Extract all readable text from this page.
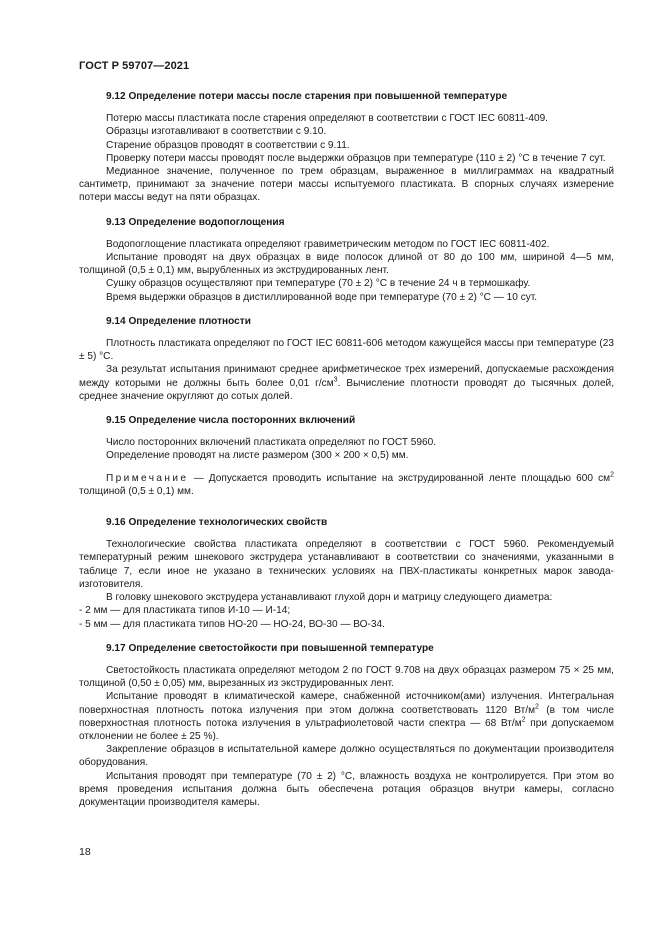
ГОСТ Р 59707—2021
9.12 Определение потери массы после старения при повышенной температуре

Потерю массы пластиката после старения определяют в соответствии с ГОСТ IEC 60811-409.

Образцы изготавливают в соответствии с 9.10.

Старение образцов проводят в соответствии с 9.11.

Проверку потери массы проводят после выдержки образцов при температуре (110 ± 2) °С в течение 7 сут.

Медианное значение, полученное по трем образцам, выраженное в миллиграммах на квадратный сантиметр, принимают за значение потери массы испытуемого пластиката. В спорных случаях измерение потери массы ведут на пяти образцах.

9.13 Определение водопоглощения

Водопоглощение пластиката определяют гравиметрическим методом по ГОСТ IEC 60811-402.

Испытание проводят на двух образцах в виде полосок длиной от 80 до 100 мм, шириной 4—5 мм, толщиной (0,5 ± 0,1) мм, вырубленных из экструдированных лент.

Сушку образцов осуществляют при температуре (70 ± 2) °С в течение 24 ч в термошкафу.

Время выдержки образцов в дистиллированной воде при температуре (70 ± 2) °С — 10 сут.

9.14 Определение плотности

Плотность пластиката определяют по ГОСТ IEC 60811-606 методом кажущейся массы при температуре (23 ± 5) °С.

За результат испытания принимают среднее арифметическое трех измерений, допускаемые расхождения между которыми не должны быть более 0,01 $г/см^3$. Вычисление плотности проводят до тысячных долей, среднее значение округляют до сотых долей.

9.15 Определение числа посторонних включений

Число посторонних включений пластиката определяют по ГОСТ 5960.

Определение проводят на листе размером (300 × 200 × 0,5) мм.

Примечание — Допускается проводить испытание на экструдированной ленте площадью 600 $см^2$ толщиной (0,5 ± 0,1) мм.

9.16 Определение технологических свойств

Технологические свойства пластиката определяют в соответствии с ГОСТ 5960. Рекомендуемый температурный режим шнекового экструдера устанавливают в соответствии со значениями, указанными в таблице 7, если иное не указано в технических условиях на ПВХ-пластикаты конкретных марок завода-изготовителя.

В головку шнекового экструдера устанавливают глухой дорн и матрицу следующего диаметра:

- 2 мм — для пластиката типов И-10 — И-14;

- 5 мм — для пластиката типов НО-20 — НО-24, ВО-30 — ВО-34.

9.17 Определение светостойкости при повышенной температуре

Светостойкость пластиката определяют методом 2 по ГОСТ 9.708 на двух образцах размером 75 × 25 мм, толщиной (0,50 ± 0,05) мм, вырезанных из экструдированных лент.

Испытание проводят в климатической камере, снабженной источником(ами) излучения. Интегральная поверхностная плотность потока излучения при этом должна соответствовать 1120 $Вт/м^2$ (в том числе поверхностная плотность потока излучения в ультрафиолетовой части спектра — 68 $Вт/м^2$ при допускаемом отклонении не более ± 25 %).

Закрепление образцов в испытательной камере должно осуществляться по документации производителя оборудования.

Испытания проводят при температуре (70 ± 2) °С, влажность воздуха не контролируется. При этом во время проведения испытания должна быть обеспечена ротация образцов внутри камеры, согласно документации производителя камеры.

18
